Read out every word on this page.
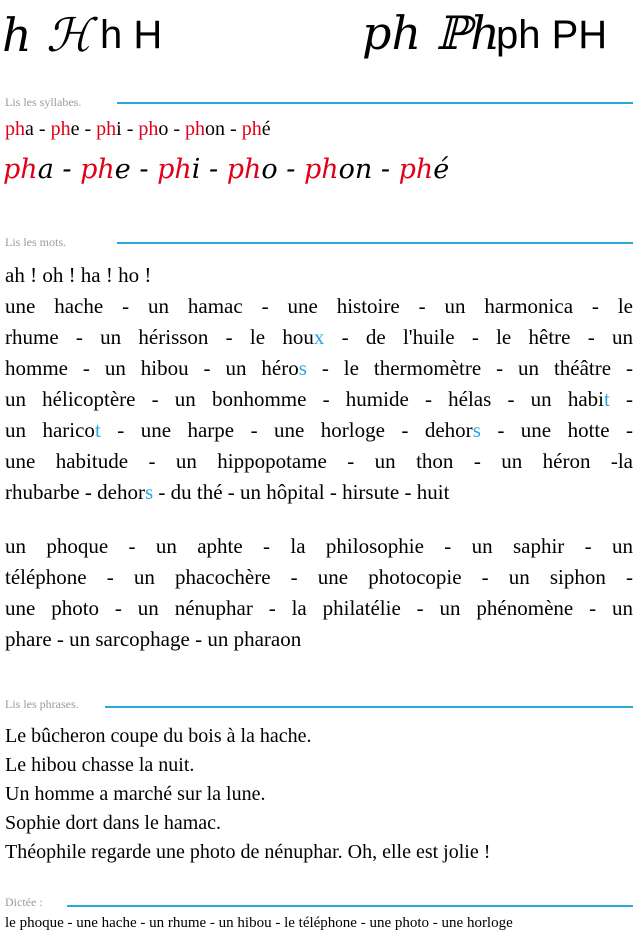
h ℋ h H	ph ℙh
ph PH
Lis les syllabes.
pha - phe - phi - pho - phon - phé
pha - phe - phi - pho - phon - phé
Lis les mots.
ah ! oh ! ha ! ho !
une hache - un hamac - une histoire - un harmonica - le
rhume - un hérisson - le houx - de l'huile - le hêtre - un
homme - un hibou - un héros - le thermomètre - un théâtre -
un hélicoptère - un bonhomme - humide - hélas - un habit -
un haricot - une harpe - une horloge - dehors - une hotte -
une habitude - un hippopotame - un thon - un héron -la
rhubarbe - dehors - du thé - un hôpital - hirsute - huit
un phoque - un aphte - la philosophie - un saphir - un
téléphone - un phacochère - une photocopie - un siphon -
une photo - un nénuphar - la philatélie - un phénomène - un
phare - un sarcophage - un pharaon
Lis les phrases.
Le bûcheron coupe du bois à la hache.
Le hibou chasse la nuit.
Un homme a marché sur la lune.
Sophie dort dans le hamac.
Théophile regarde une photo de nénuphar. Oh, elle est jolie !
Dictée :
le phoque - une hache - un rhume - un hibou - le téléphone - une photo - une horloge
